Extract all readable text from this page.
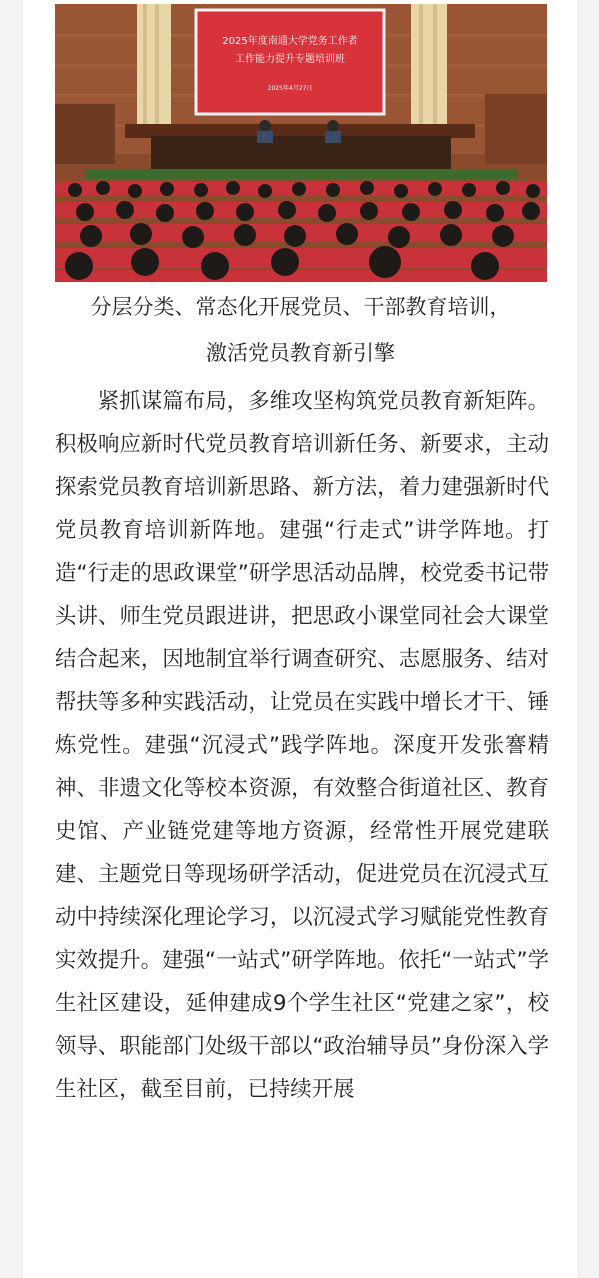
2025年度南通大学党务工作者
工作能力提升专题培训班
2025年4月27日
分层分类、常态化开展党员、干部教育培训，
激活党员教育新引擎

紧抓谋篇布局，多维攻坚构筑党员教育新矩阵。积极响应新时代党员教育培训新任务、新要求，主动探索党员教育培训新思路、新方法，着力建强新时代党员教育培训新阵地。建强“行走式”讲学阵地。打造“行走的思政课堂”研学思活动品牌，校党委书记带头讲、师生党员跟进讲，把思政小课堂同社会大课堂结合起来，因地制宜举行调查研究、志愿服务、结对帮扶等多种实践活动，让党员在实践中增长才干、锤炼党性。建强“沉浸式”践学阵地。深度开发张謇精神、非遗文化等校本资源，有效整合街道社区、教育史馆、产业链党建等地方资源，经常性开展党建联建、主题党日等现场研学活动，促进党员在沉浸式互动中持续深化理论学习，以沉浸式学习赋能党性教育实效提升。建强“一站式”研学阵地。依托“一站式”学生社区建设，延伸建成9个学生社区“党建之家”，校领导、职能部门处级干部以“政治辅导员”身份深入学生社区，截至目前，已持续开展
